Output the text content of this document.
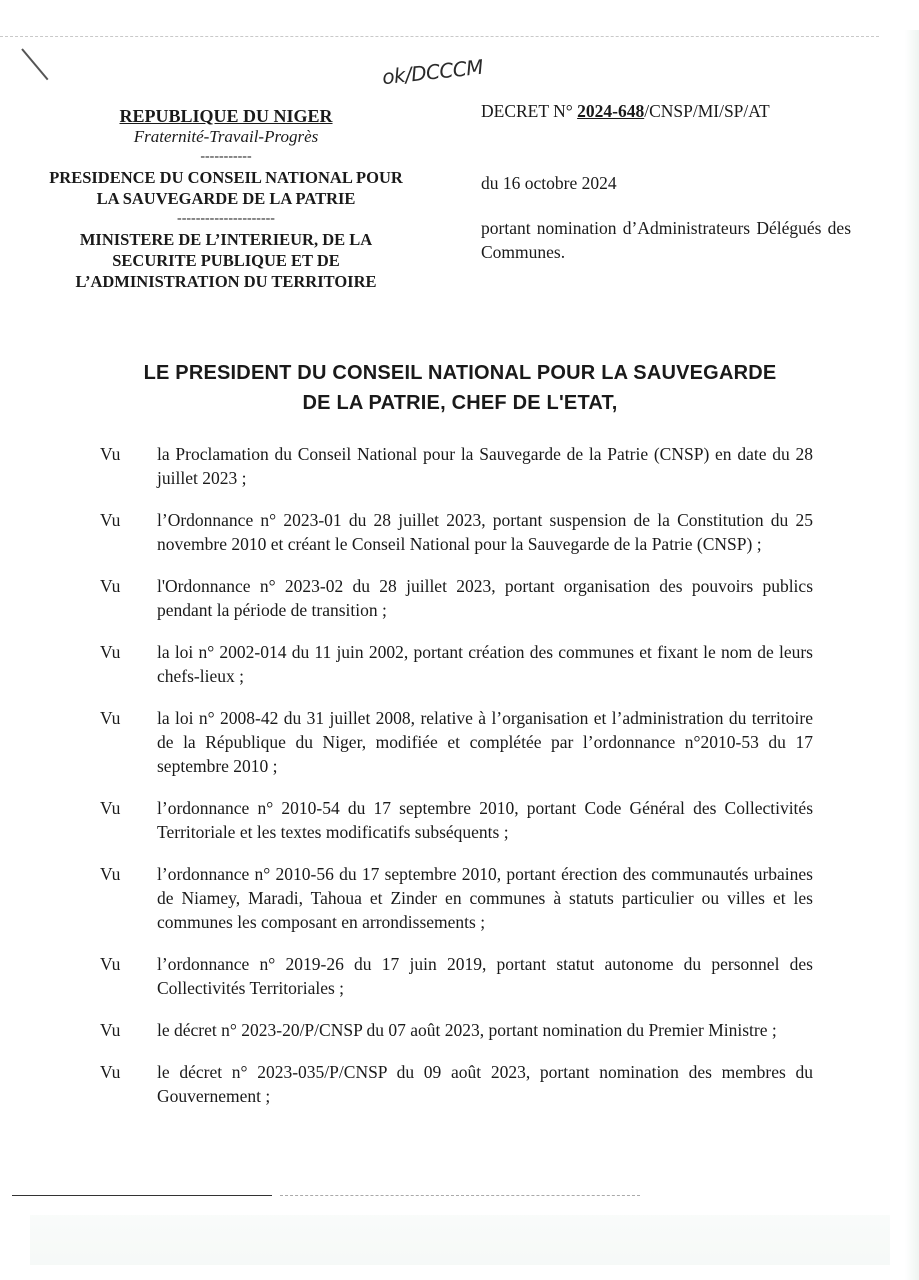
ok/DCCCM
REPUBLIQUE DU NIGER
Fraternité-Travail-Progrès
-----------
PRESIDENCE DU CONSEIL NATIONAL POUR
LA SAUVEGARDE DE LA PATRIE
---------------------
MINISTERE DE L’INTERIEUR, DE LA
SECURITE PUBLIQUE ET DE
L’ADMINISTRATION DU TERRITOIRE
DECRET N° 2024-648/CNSP/MI/SP/AT
du 16 octobre 2024
portant nomination d’Administrateurs Délégués des Communes.
LE PRESIDENT DU CONSEIL NATIONAL POUR LA SAUVEGARDE
DE LA PATRIE, CHEF DE L'ETAT,
Vu	la Proclamation du Conseil National pour la Sauvegarde de la Patrie (CNSP) en date du 28 juillet 2023 ;
Vu	l’Ordonnance n° 2023-01 du 28 juillet 2023, portant suspension de la Constitution du 25 novembre 2010 et créant le Conseil National pour la Sauvegarde de la Patrie (CNSP) ;
Vu	l'Ordonnance n° 2023-02 du 28 juillet 2023, portant organisation des pouvoirs publics pendant la période de transition ;
Vu	la loi n° 2002-014 du 11 juin 2002, portant création des communes et fixant le nom de leurs chefs-lieux ;
Vu	la loi n° 2008-42 du 31 juillet 2008, relative à l’organisation et l’administration du territoire de la République du Niger, modifiée et complétée par l’ordonnance n°2010-53 du 17 septembre 2010 ;
Vu	l’ordonnance n° 2010-54 du 17 septembre 2010, portant Code Général des Collectivités Territoriale et les textes modificatifs subséquents ;
Vu	l’ordonnance n° 2010-56 du 17 septembre 2010, portant érection des communautés urbaines de Niamey, Maradi, Tahoua et Zinder en communes à statuts particulier ou villes et les communes les composant en arrondissements ;
Vu	l’ordonnance n° 2019-26 du 17 juin 2019, portant statut autonome du personnel des Collectivités Territoriales ;
Vu	le décret n° 2023-20/P/CNSP du 07 août 2023, portant nomination du Premier Ministre ;
Vu	le décret n° 2023-035/P/CNSP du 09 août 2023, portant nomination des membres du Gouvernement ;
